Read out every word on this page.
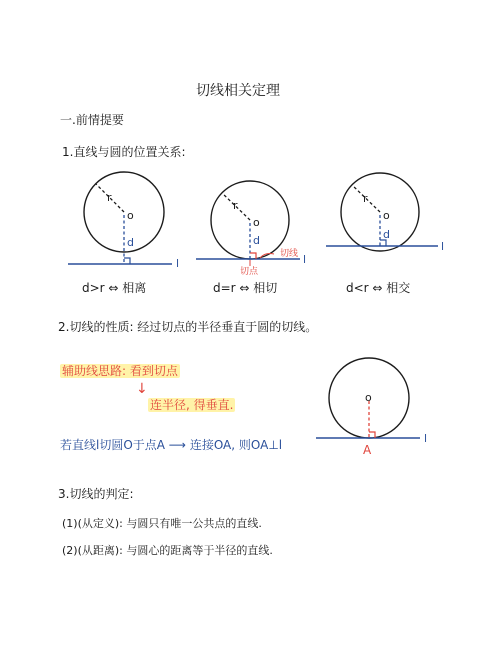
切线相关定理
一.前情提要
1.直线与圆的位置关系:
d>r ⇔ 相离	d=r ⇔ 相切	d<r ⇔ 相交
2.切线的性质: 经过切点的半径垂直于圆的切线。
辅助线思路: 看到切点
↓
连半径, 得垂直.
若直线l切圆O于点A ⟶ 连接OA, 则OA⊥l
3.切线的判定:
(1)(从定义): 与圆只有唯一公共点的直线.
(2)(从距离): 与圆心的距离等于半径的直线.
r
o
r
o
r
o
o
d	d	d
l	l
l
l
切线
切点
A
